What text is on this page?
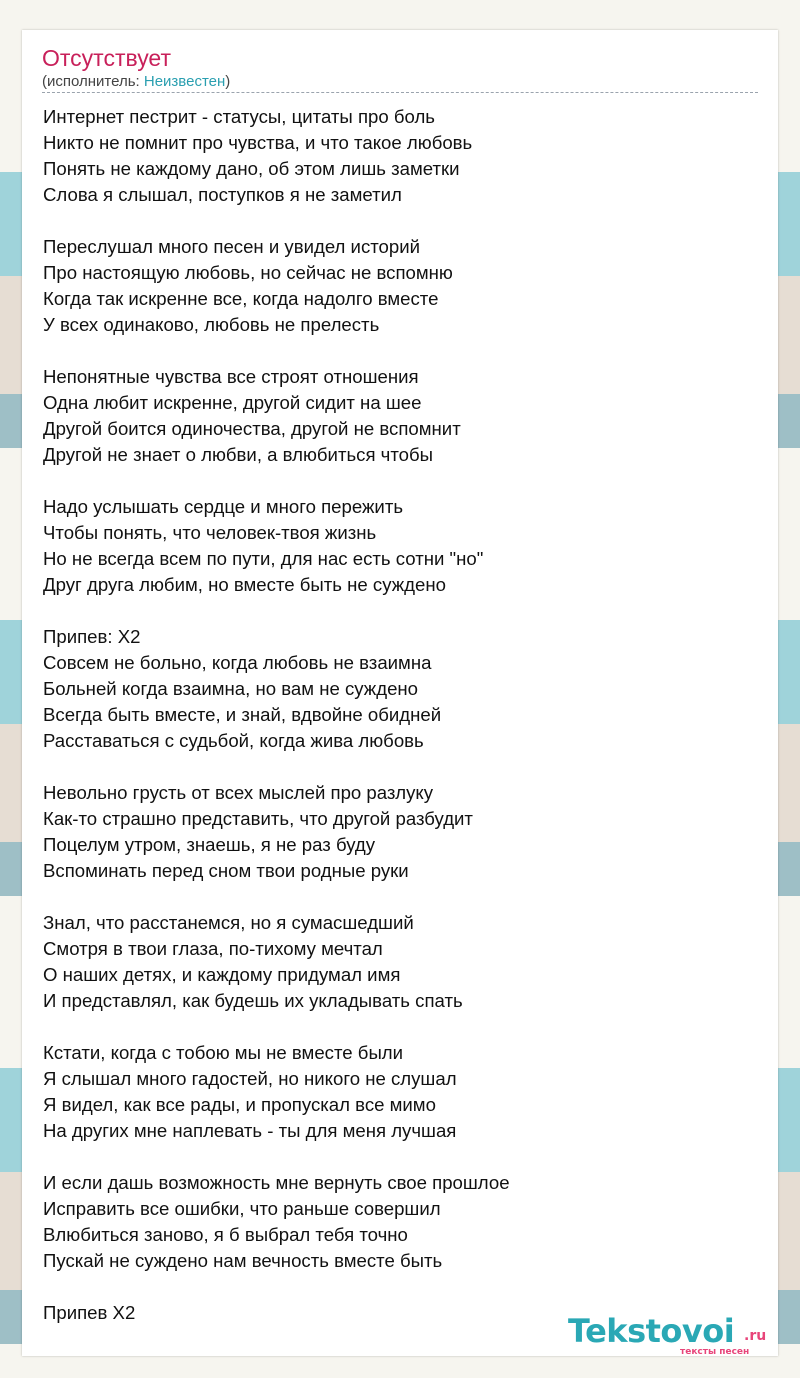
Отсутствует
(исполнитель: Неизвестен)
Интернет пестрит - статусы, цитаты про боль
Никто не помнит про чувства, и что такое любовь
Понять не каждому дано, об этом лишь заметки
Слова я слышал, поступков я не заметил
Переслушал много песен и увидел историй
Про настоящую любовь, но сейчас не вспомню
Когда так искренне все, когда надолго вместе
У всех одинаково, любовь не прелесть
Непонятные чувства все строят отношения
Одна любит искренне, другой сидит на шее
Другой боится одиночества, другой не вспомнит
Другой не знает о любви, а влюбиться чтобы
Надо услышать сердце и много пережить
Чтобы понять, что человек-твоя жизнь
Но не всегда всем по пути, для нас есть сотни "но"
Друг друга любим, но вместе быть не суждено
Припев: Х2
Совсем не больно, когда любовь не взаимна
Больней когда взаимна, но вам не суждено
Всегда быть вместе, и знай, вдвойне обидней
Расставаться с судьбой, когда жива любовь
Невольно грусть от всех мыслей про разлуку
Как-то страшно представить, что другой разбудит
Поцелум утром, знаешь, я не раз буду
Вспоминать перед сном твои родные руки
Знал, что расстанемся, но я сумасшедший
Смотря в твои глаза, по-тихому мечтал
О наших детях, и каждому придумал имя
И представлял, как будешь их укладывать спать
Кстати, когда с тобою мы не вместе были
Я слышал много гадостей, но никого не слушал
Я видел, как все рады, и пропускал все мимо
На других мне наплевать - ты для меня лучшая
И если дашь возможность мне вернуть свое прошлое
Исправить все ошибки, что раньше совершил
Влюбиться заново, я б выбрал тебя точно
Пускай не суждено нам вечность вместе быть
Припев Х2	Tekstovoi .ru
тексты песен
